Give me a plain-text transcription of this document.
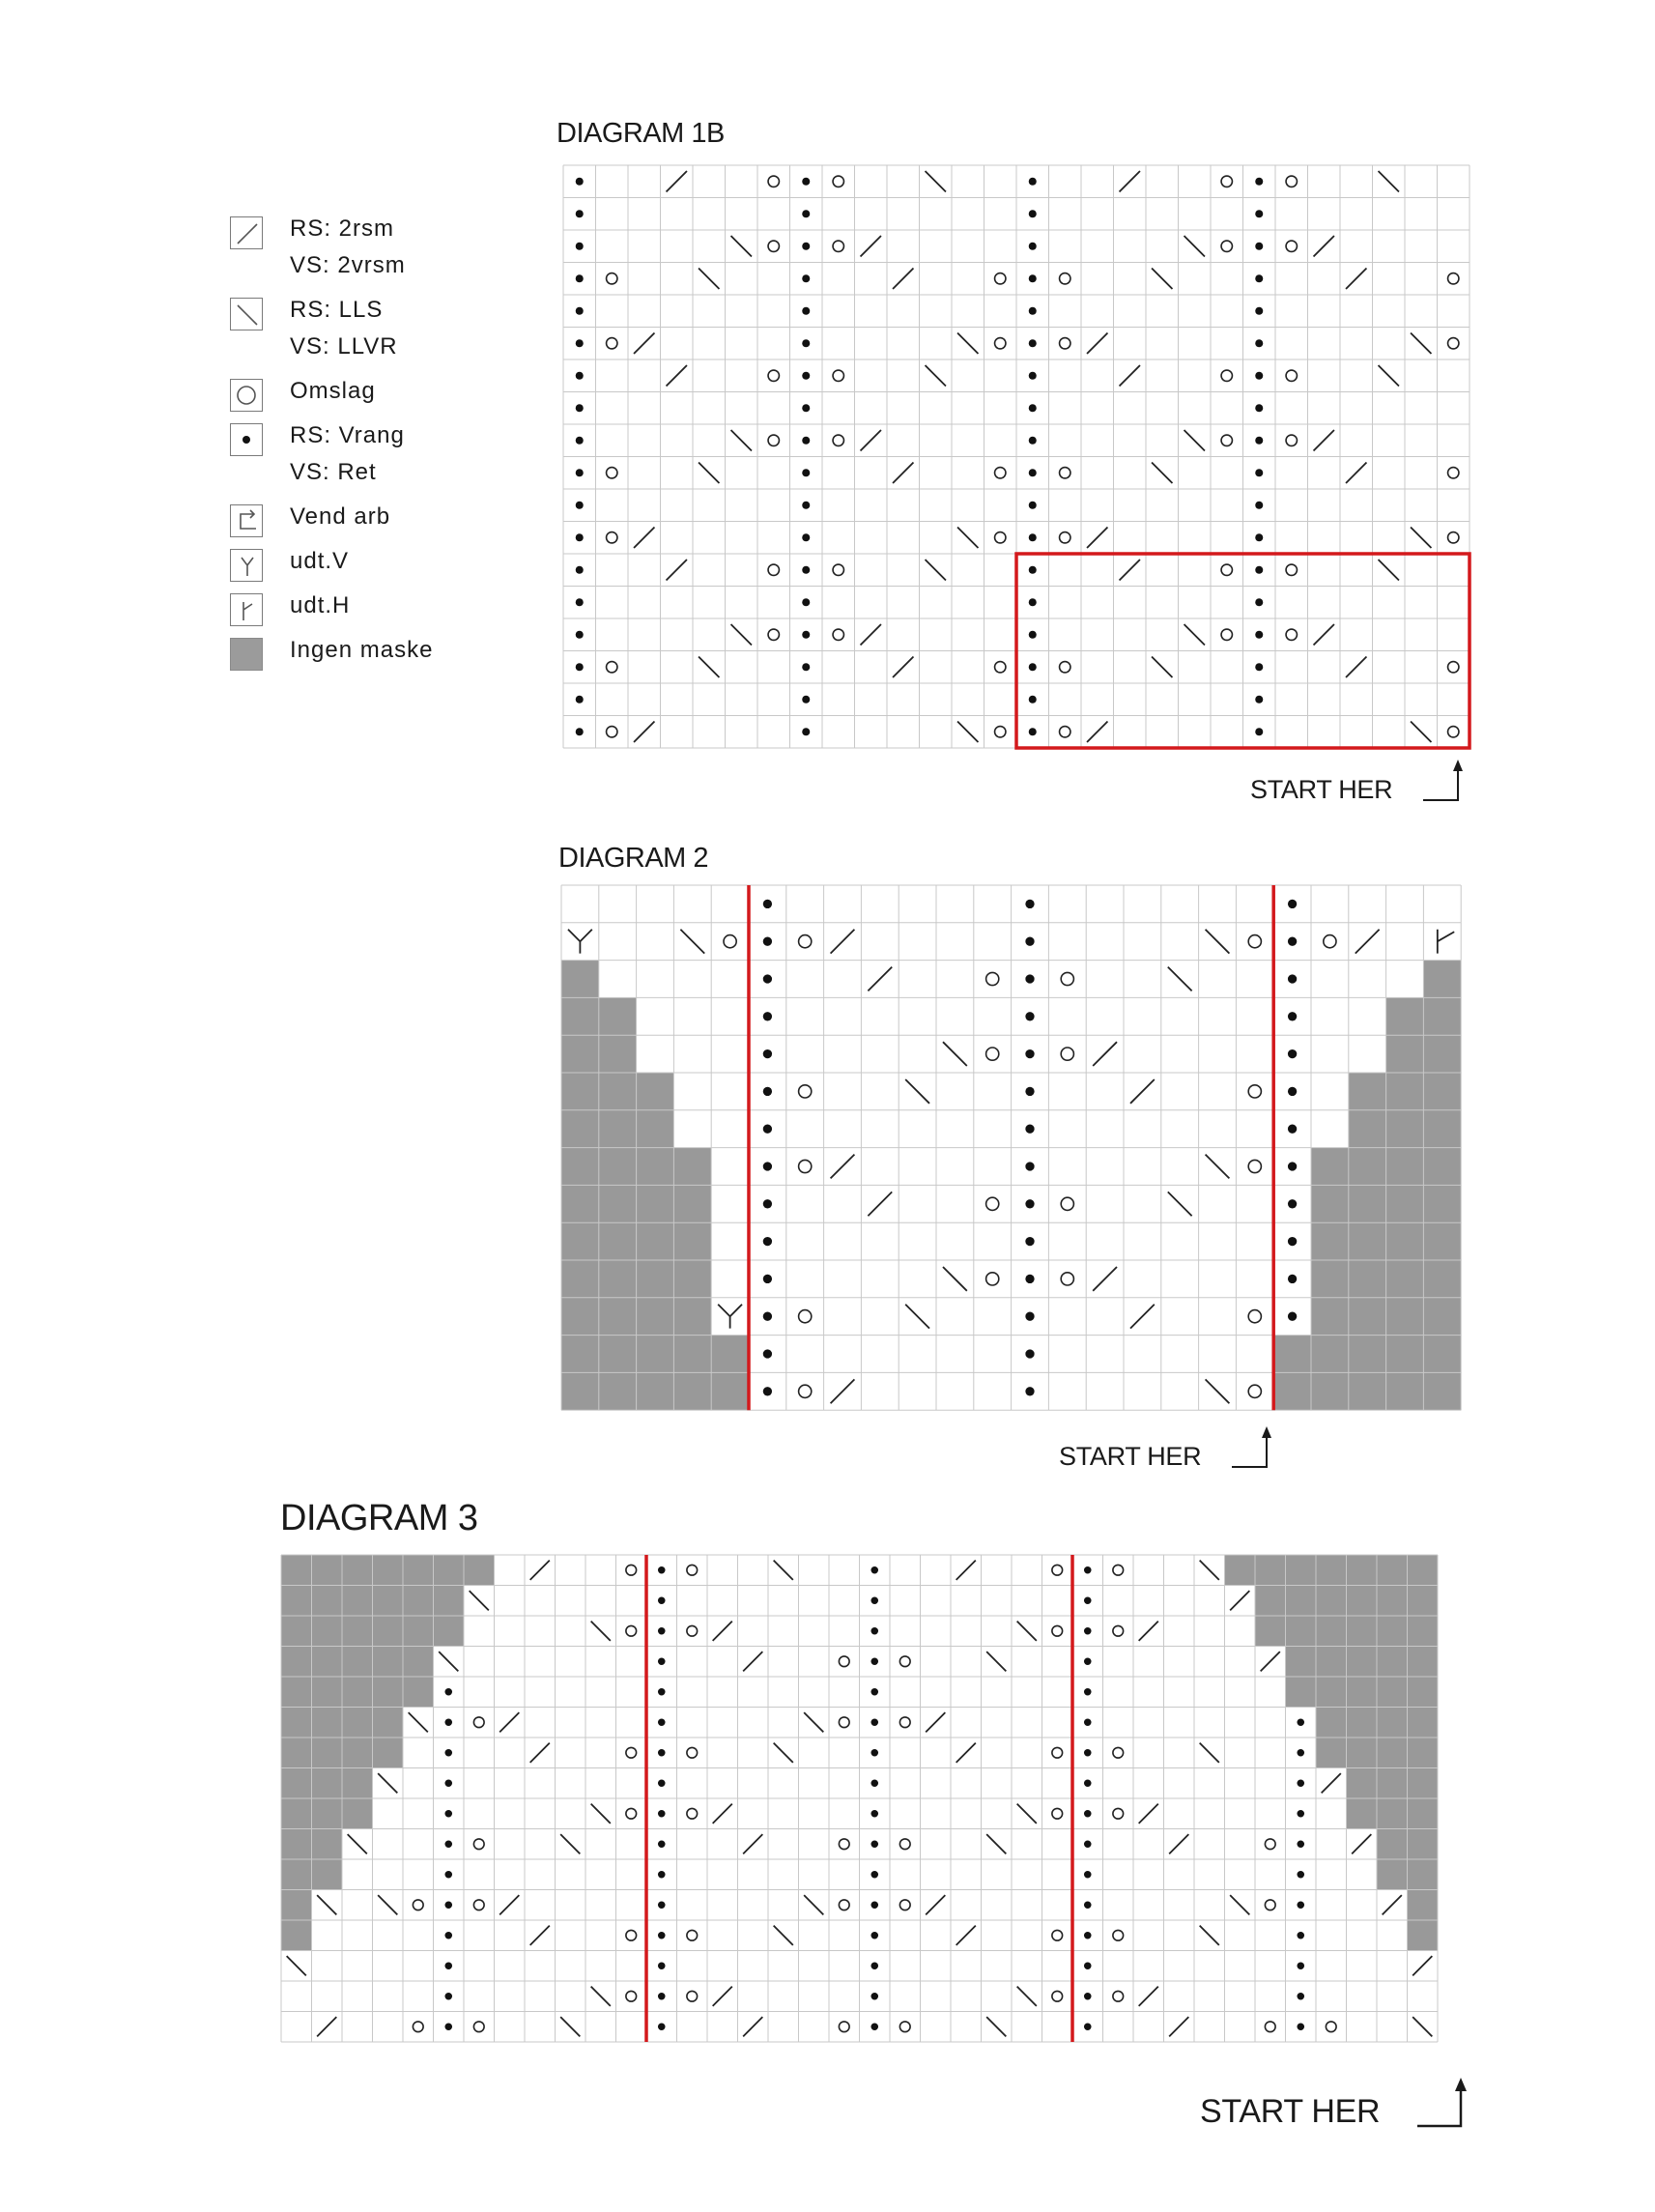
RS: 2rsm
VS: 2vrsm
RS: LLS
VS: LLVR
Omslag
RS: Vrang
VS: Ret
Vend arb
udt.V
udt.H
Ingen maske
DIAGRAM 1B
START HER
DIAGRAM 2
START HER
DIAGRAM 3
START HER
